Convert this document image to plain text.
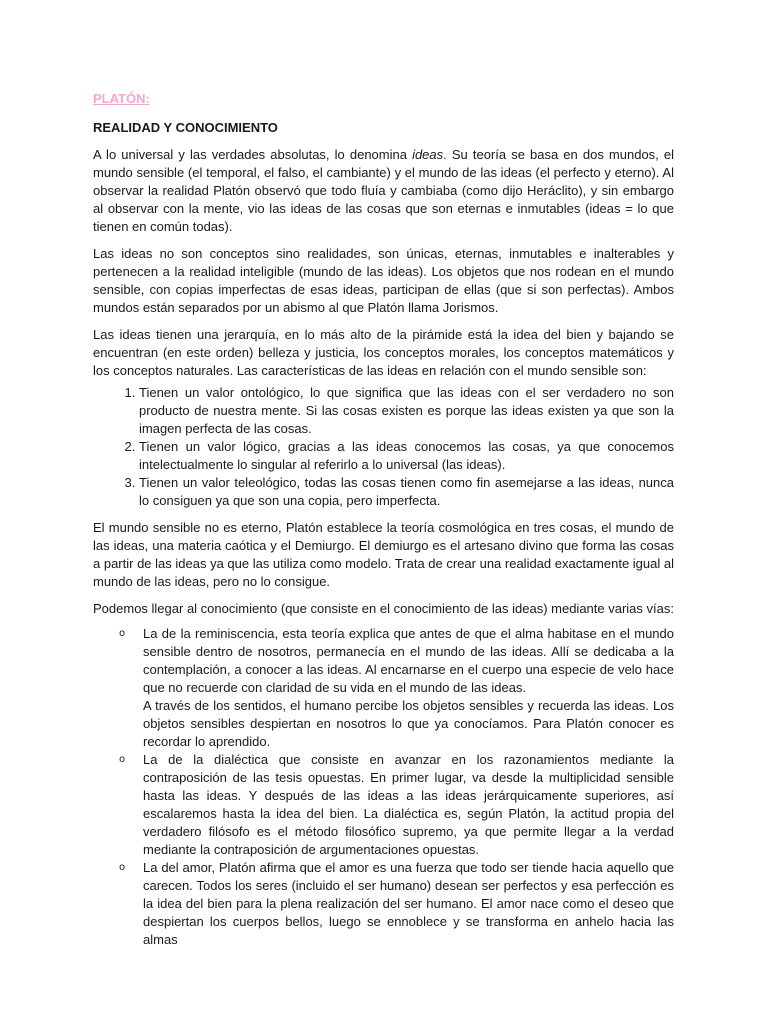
PLATÓN:
REALIDAD Y CONOCIMIENTO

A lo universal y las verdades absolutas, lo denomina ideas. Su teoría se basa en dos mundos, el mundo sensible (el temporal, el falso, el cambiante) y el mundo de las ideas (el perfecto y eterno). Al observar la realidad Platón observó que todo fluía y cambiaba (como dijo Heráclito), y sin embargo al observar con la mente, vio las ideas de las cosas que son eternas e inmutables (ideas = lo que tienen en común todas).

Las ideas no son conceptos sino realidades, son únicas, eternas, inmutables e inalterables y pertenecen a la realidad inteligible (mundo de las ideas). Los objetos que nos rodean en el mundo sensible, con copias imperfectas de esas ideas, participan de ellas (que si son perfectas). Ambos mundos están separados por un abismo al que Platón llama Jorismos.

Las ideas tienen una jerarquía, en lo más alto de la pirámide está la idea del bien y bajando se encuentran (en este orden) belleza y justicia, los conceptos morales, los conceptos matemáticos y los conceptos naturales. Las características de las ideas en relación con el mundo sensible son:

1. Tienen un valor ontológico, lo que significa que las ideas con el ser verdadero no son producto de nuestra mente. Si las cosas existen es porque las ideas existen ya que son la imagen perfecta de las cosas.
2. Tienen un valor lógico, gracias a las ideas conocemos las cosas, ya que conocemos intelectualmente lo singular al referirlo a lo universal (las ideas).
3. Tienen un valor teleológico, todas las cosas tienen como fin asemejarse a las ideas, nunca lo consiguen ya que son una copia, pero imperfecta.

El mundo sensible no es eterno, Platón establece la teoría cosmológica en tres cosas, el mundo de las ideas, una materia caótica y el Demiurgo. El demiurgo es el artesano divino que forma las cosas a partir de las ideas ya que las utiliza como modelo. Trata de crear una realidad exactamente igual al mundo de las ideas, pero no lo consigue.

Podemos llegar al conocimiento (que consiste en el conocimiento de las ideas) mediante varias vías:

o La de la reminiscencia, esta teoría explica que antes de que el alma habitase en el mundo sensible dentro de nosotros, permanecía en el mundo de las ideas. Allí se dedicaba a la contemplación, a conocer a las ideas. Al encarnarse en el cuerpo una especie de velo hace que no recuerde con claridad de su vida en el mundo de las ideas.
A través de los sentidos, el humano percibe los objetos sensibles y recuerda las ideas. Los objetos sensibles despiertan en nosotros lo que ya conocíamos. Para Platón conocer es recordar lo aprendido.
o La de la dialéctica que consiste en avanzar en los razonamientos mediante la contraposición de las tesis opuestas. En primer lugar, va desde la multiplicidad sensible hasta las ideas. Y después de las ideas a las ideas jerárquicamente superiores, así escalaremos hasta la idea del bien. La dialéctica es, según Platón, la actitud propia del verdadero filósofo es el método filosófico supremo, ya que permite llegar a la verdad mediante la contraposición de argumentaciones opuestas.
o La del amor, Platón afirma que el amor es una fuerza que todo ser tiende hacia aquello que carecen. Todos los seres (incluido el ser humano) desean ser perfectos y esa perfección es la idea del bien para la plena realización del ser humano. El amor nace como el deseo que despiertan los cuerpos bellos, luego se ennoblece y se transforma en anhelo hacia las almas
